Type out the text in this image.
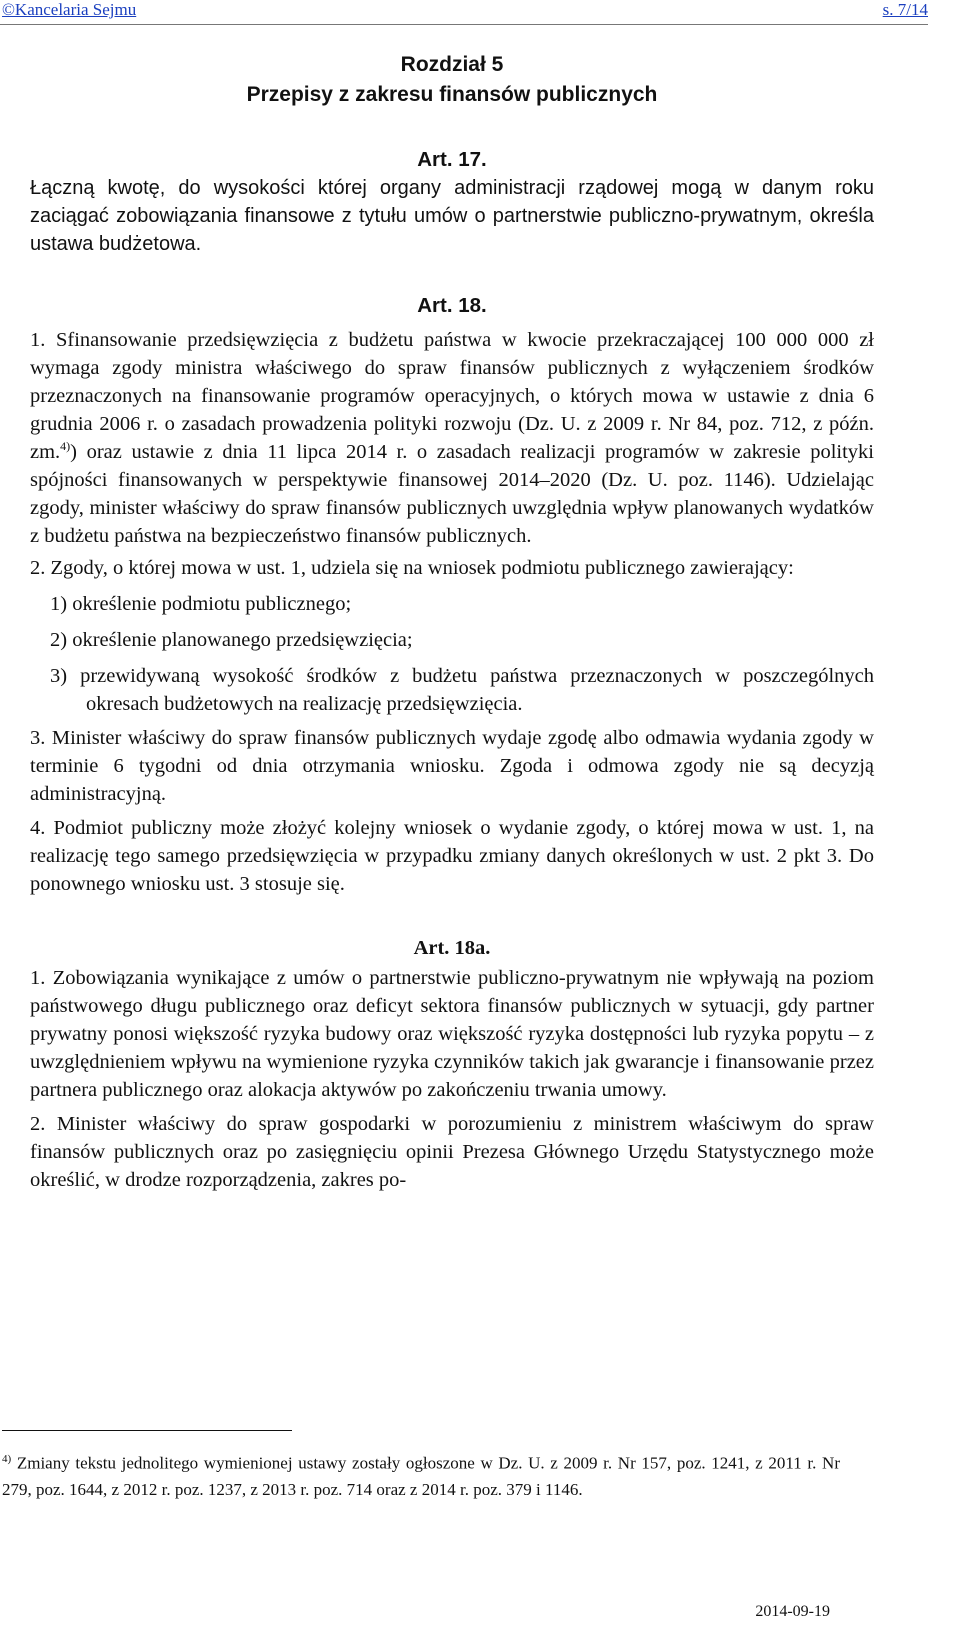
©Kancelaria Sejmu	s. 7/14
Rozdział 5
Przepisy z zakresu finansów publicznych
Art. 17.

Łączną kwotę, do wysokości której organy administracji rządowej mogą w danym roku zaciągać zobowiązania finansowe z tytułu umów o partnerstwie publiczno-prywatnym, określa ustawa budżetowa.

Art. 18.

1. Sfinansowanie przedsięwzięcia z budżetu państwa w kwocie przekraczającej 100 000 000 zł wymaga zgody ministra właściwego do spraw finansów publicznych z wyłączeniem środków przeznaczonych na finansowanie programów operacyjnych, o których mowa w ustawie z dnia 6 grudnia 2006 r. o zasadach prowadzenia polityki rozwoju (Dz. U. z 2009 r. Nr 84, poz. 712, z późn. zm.$^{4)}$) oraz ustawie z dnia 11 lipca 2014 r. o zasadach realizacji programów w zakresie polityki spójności finansowanych w perspektywie finansowej 2014–2020 (Dz. U. poz. 1146). Udzielając zgody, minister właściwy do spraw finansów publicznych uwzględnia wpływ planowanych wydatków z budżetu państwa na bezpieczeństwo finansów publicznych.

2. Zgody, o której mowa w ust. 1, udziela się na wniosek podmiotu publicznego zawierający:

1) określenie podmiotu publicznego;

2) określenie planowanego przedsięwzięcia;

3) przewidywaną wysokość środków z budżetu państwa przeznaczonych w poszczególnych okresach budżetowych na realizację przedsięwzięcia.

3. Minister właściwy do spraw finansów publicznych wydaje zgodę albo odmawia wydania zgody w terminie 6 tygodni od dnia otrzymania wniosku. Zgoda i odmowa zgody nie są decyzją administracyjną.

4. Podmiot publiczny może złożyć kolejny wniosek o wydanie zgody, o której mowa w ust. 1, na realizację tego samego przedsięwzięcia w przypadku zmiany danych określonych w ust. 2 pkt 3. Do ponownego wniosku ust. 3 stosuje się.

Art. 18a.

1. Zobowiązania wynikające z umów o partnerstwie publiczno-prywatnym nie wpływają na poziom państwowego długu publicznego oraz deficyt sektora finansów publicznych w sytuacji, gdy partner prywatny ponosi większość ryzyka budowy oraz większość ryzyka dostępności lub ryzyka popytu – z uwzględnieniem wpływu na wymienione ryzyka czynników takich jak gwarancje i finansowanie przez partnera publicznego oraz alokacja aktywów po zakończeniu trwania umowy.

2. Minister właściwy do spraw gospodarki w porozumieniu z ministrem właściwym do spraw finansów publicznych oraz po zasięgnięciu opinii Prezesa Głównego Urzędu Statystycznego może określić, w drodze rozporządzenia, zakres po-

$^{4)}$ Zmiany tekstu jednolitego wymienionej ustawy zostały ogłoszone w Dz. U. z 2009 r. Nr 157, poz. 1241, z 2011 r. Nr 279, poz. 1644, z 2012 r. poz. 1237, z 2013 r. poz. 714 oraz z 2014 r. poz. 379 i 1146.
2014-09-19
